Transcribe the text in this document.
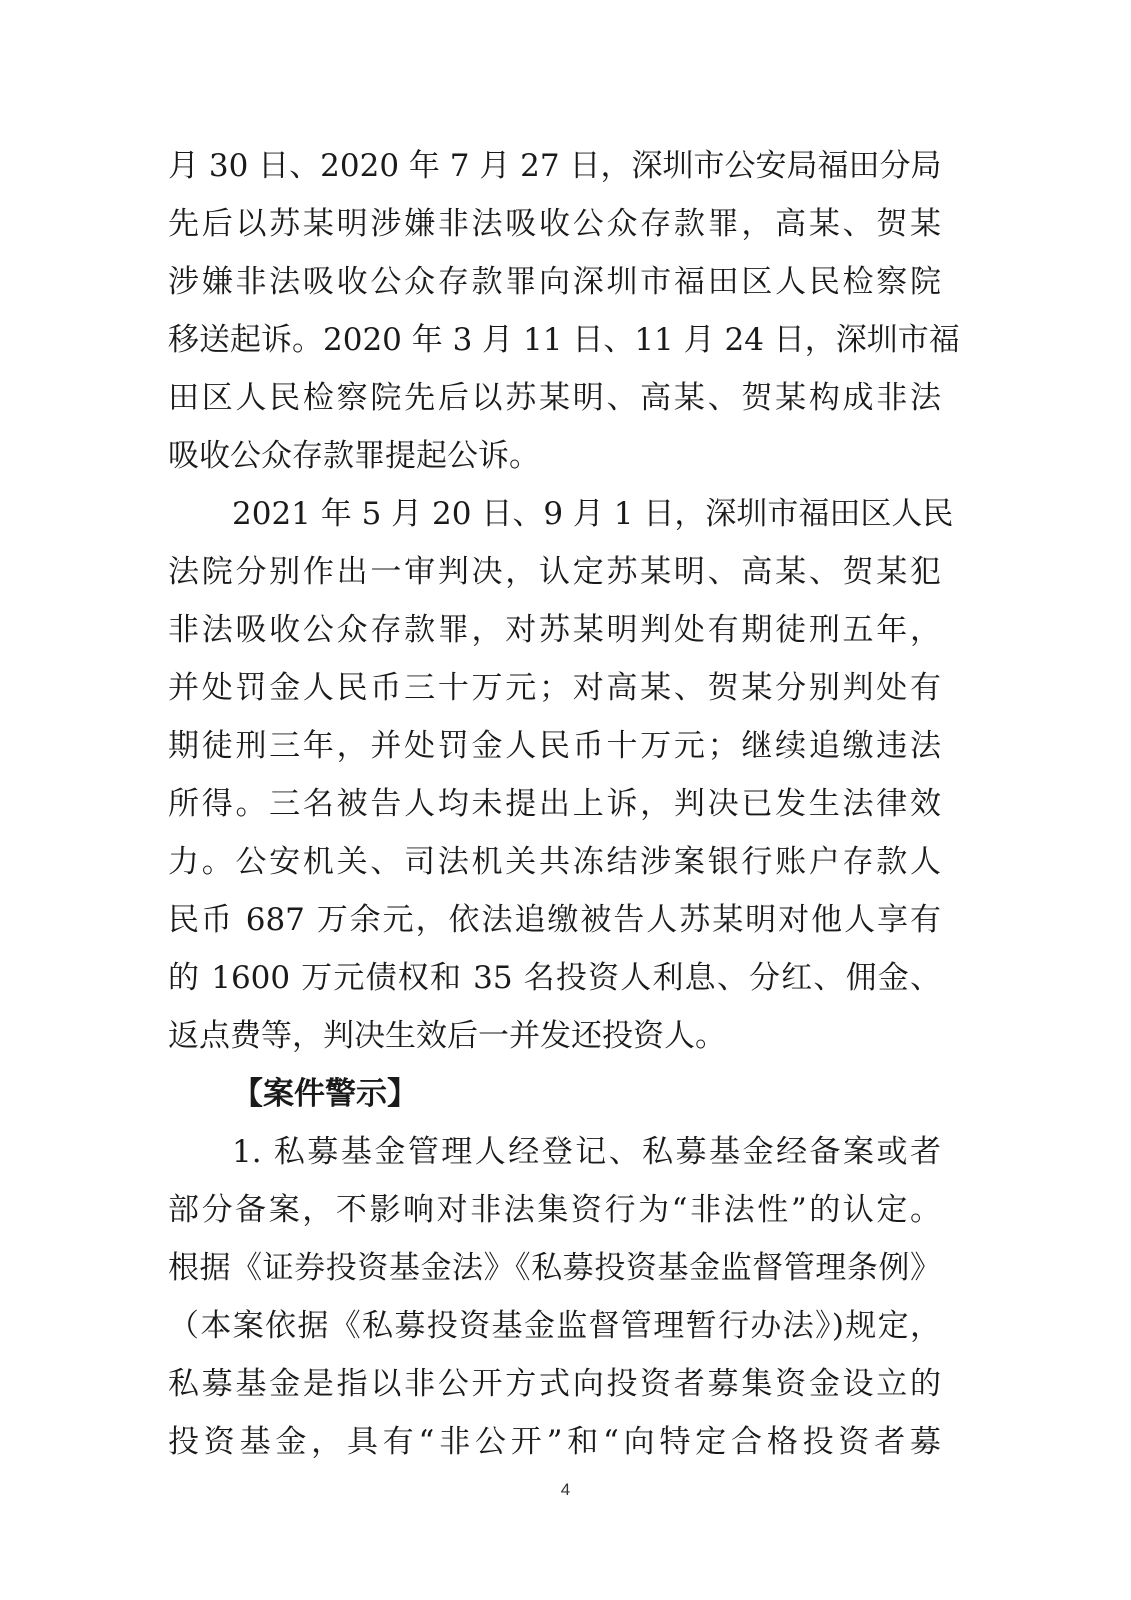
月 30 日、2020 年 7 月 27 日，深圳市公安局福田分局
先后以苏某明涉嫌非法吸收公众存款罪，高某、贺某
涉嫌非法吸收公众存款罪向深圳市福田区人民检察院
移送起诉。2020 年 3 月 11 日、11 月 24 日，深圳市福
田区人民检察院先后以苏某明、高某、贺某构成非法
吸收公众存款罪提起公诉。
2021 年 5 月 20 日、9 月 1 日，深圳市福田区人民
法院分别作出一审判决，认定苏某明、高某、贺某犯
非法吸收公众存款罪，对苏某明判处有期徒刑五年，
并处罚金人民币三十万元；对高某、贺某分别判处有
期徒刑三年，并处罚金人民币十万元；继续追缴违法
所得。三名被告人均未提出上诉，判决已发生法律效
力。公安机关、司法机关共冻结涉案银行账户存款人
民币 687 万余元，依法追缴被告人苏某明对他人享有
的 1600 万元债权和 35 名投资人利息、分红、佣金、
返点费等，判决生效后一并发还投资人。
【案件警示】
1. 私募基金管理人经登记、私募基金经备案或者
部分备案，不影响对非法集资行为“非法性”的认定。
根据《证券投资基金法》《私募投资基金监督管理条例》
（本案依据《私募投资基金监督管理暂行办法》)规定，
私募基金是指以非公开方式向投资者募集资金设立的
投资基金，具有“非公开”和“向特定合格投资者募
4
